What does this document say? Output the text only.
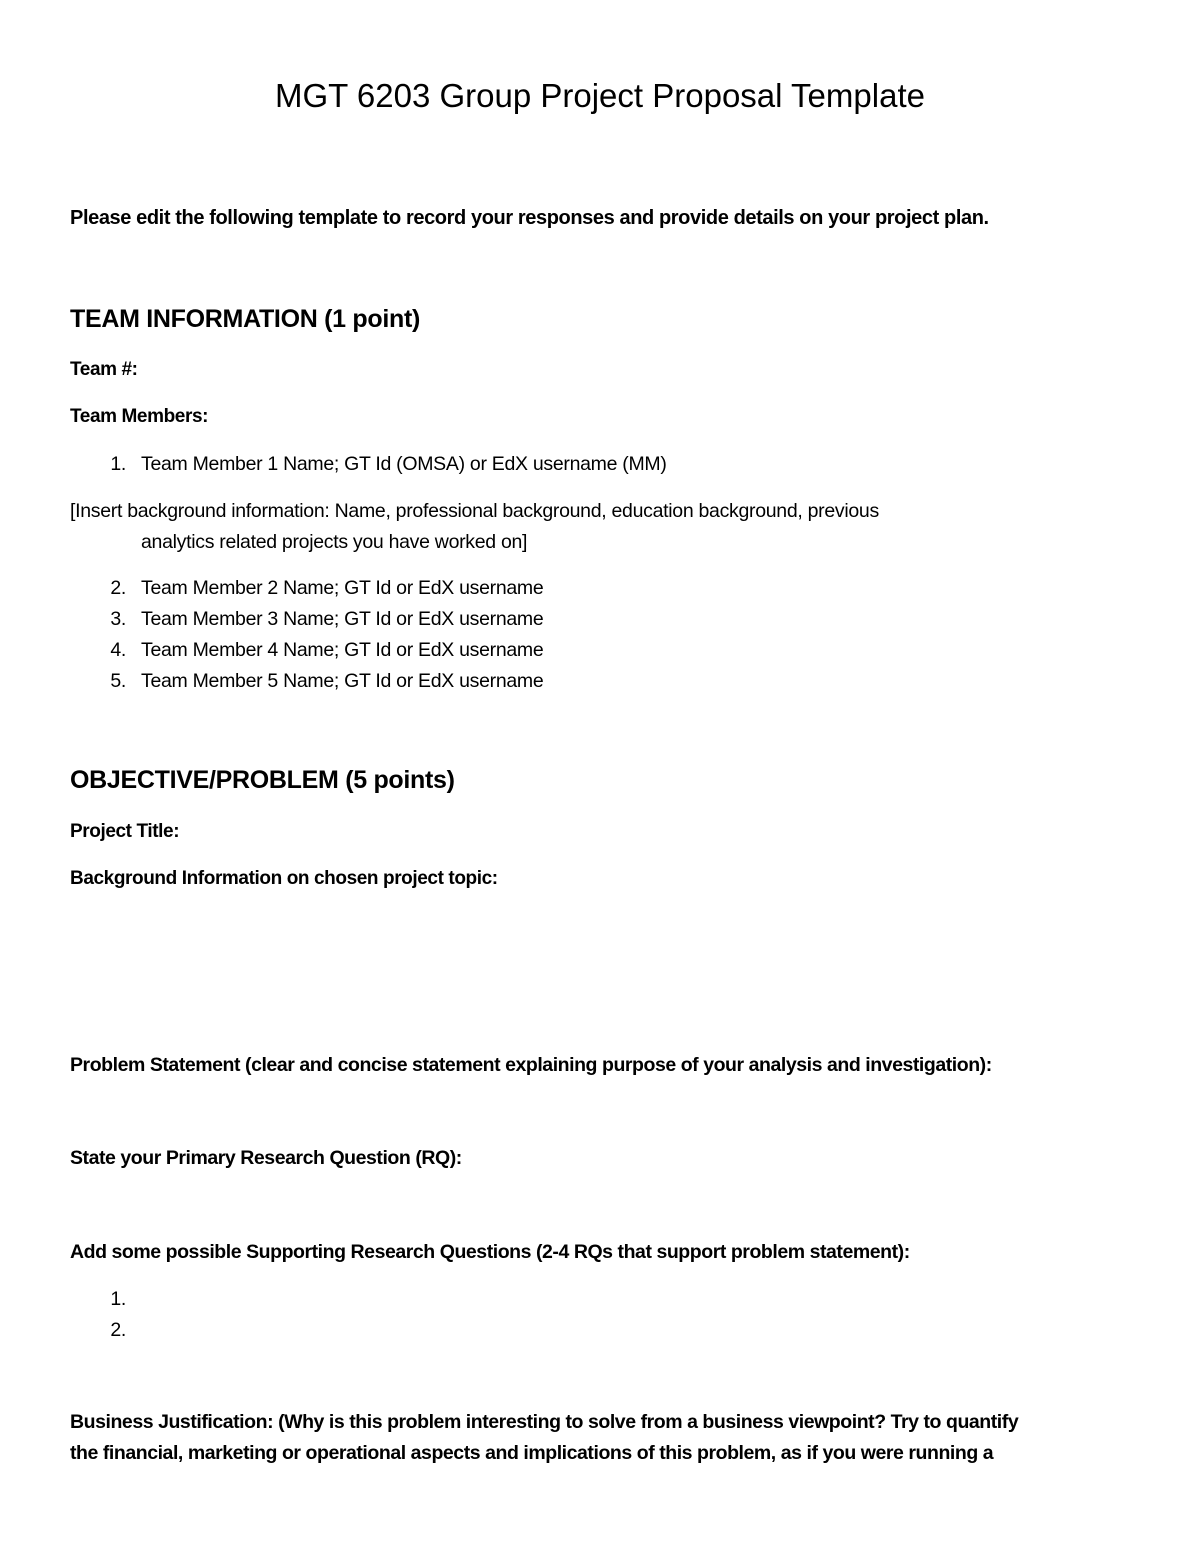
MGT 6203 Group Project Proposal Template
Please edit the following template to record your responses and provide details on your project plan.
TEAM INFORMATION (1 point)
Team #:
Team Members:
1. Team Member 1 Name; GT Id (OMSA) or EdX username (MM)
[Insert background information: Name, professional background, education background, previous
analytics related projects you have worked on]
2. Team Member 2 Name; GT Id or EdX username
3. Team Member 3 Name; GT Id or EdX username
4. Team Member 4 Name; GT Id or EdX username
5. Team Member 5 Name; GT Id or EdX username
OBJECTIVE/PROBLEM (5 points)
Project Title:
Background Information on chosen project topic:
Problem Statement (clear and concise statement explaining purpose of your analysis and investigation):
State your Primary Research Question (RQ):
Add some possible Supporting Research Questions (2-4 RQs that support problem statement):
1.
2.
Business Justification: (Why is this problem interesting to solve from a business viewpoint? Try to quantify
the financial, marketing or operational aspects and implications of this problem, as if you were running a
